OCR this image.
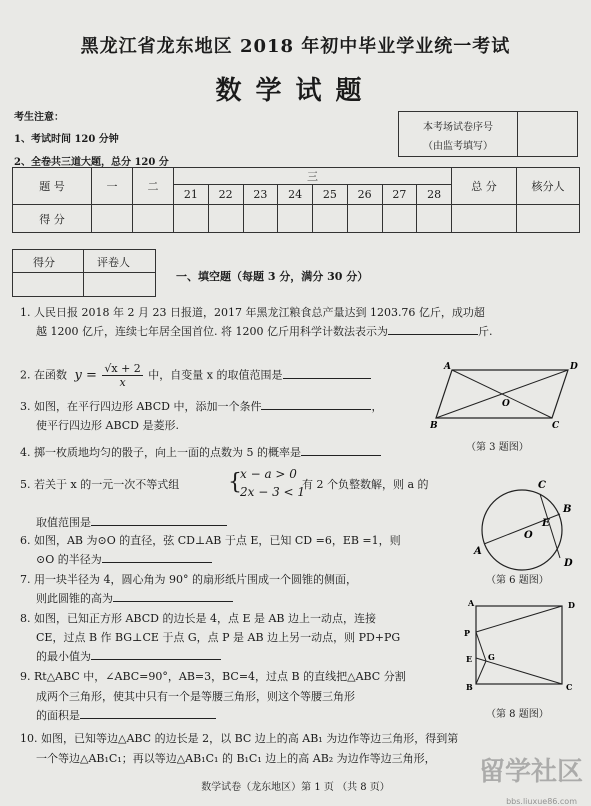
黑龙江省龙东地区 2018 年初中毕业学业统一考试
数学试题
考生注意：
1、考试时间 120 分钟
2、全卷共三道大题，总分 120 分
本考场试卷序号
（由监考填写）
题 号	一	二	三								总 分	核分人
			21	22	23	24	25	26	27	28		
得 分												
得分	评卷人
一、填空题（每题 3 分，满分 30 分）
1. 人民日报 2018 年 2 月 23 日报道，2017 年黑龙江粮食总产量达到 1203.76 亿斤，成功超
越 1200 亿斤，连续七年居全国首位. 将 1200 亿斤用科学计数法表示为	斤.
2. 在函数 $y = \frac{√x + 2}{x}$ 中，自变量 x 的取值范围是
3. 如图，在平行四边形 ABCD 中，添加一个条件	，
使平行四边形 ABCD 是菱形.
4. 掷一枚质地均匀的骰子，向上一面的点数为 5 的概率是
5. 若关于 x 的一元一次不等式组 {
x − a > 0
2x − 3 < 1
有 2 个负整数解，则 a 的
取值范围是
6. 如图，AB 为⊙O 的直径，弦 CD⊥AB 于点 E，已知 CD =6，EB =1，则
⊙O 的半径为
7. 用一块半径为 4，圆心角为 90° 的扇形纸片围成一个圆锥的侧面，
则此圆锥的高为
8. 如图，已知正方形 ABCD 的边长是 4，点 E 是 AB 边上一动点，连接
CE，过点 B 作 BG⊥CE 于点 G，点 P 是 AB 边上另一动点，则 PD+PG
的最小值为
9. Rt△ABC 中，∠ABC=90°，AB=3，BC=4，过点 B 的直线把△ABC 分割
成两个三角形，使其中只有一个是等腰三角形，则这个等腰三角形
的面积是
10. 如图，已知等边△ABC 的边长是 2，以 BC 边上的高 AB₁ 为边作等边三角形，得到第
一个等边△AB₁C₁；再以等边△AB₁C₁ 的 B₁C₁ 边上的高 AB₂ 为边作等边三角形，
A	D
B	C
O
（第 3 题图）
C
B
E
O
A
D
（第 6 题图）
A	D
P
G
E
B	C
（第 8 题图）
数学试卷（龙东地区）第 1 页 （共 8 页）
留学社区
bbs.liuxue86.com
